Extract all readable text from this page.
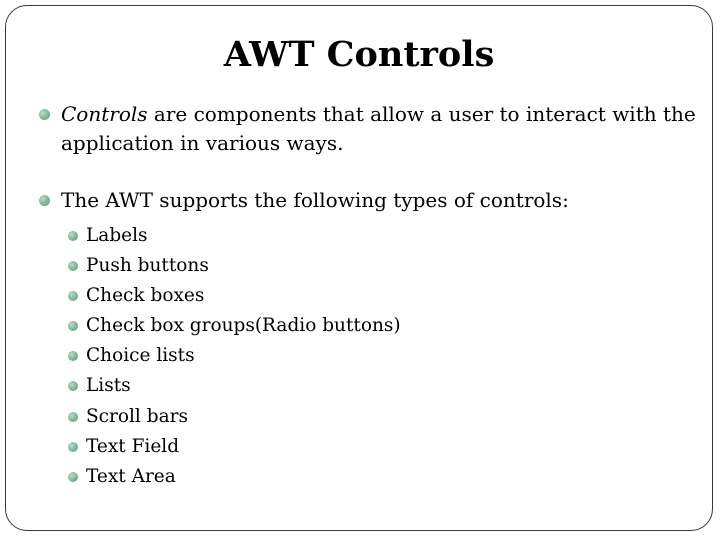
AWT Controls

Controls are components that allow a user to interact with the application in various ways.

The AWT supports the following types of controls:

Labels
Push buttons
Check boxes
Check box groups(Radio buttons)
Choice lists
Lists
Scroll bars
Text Field
Text Area
